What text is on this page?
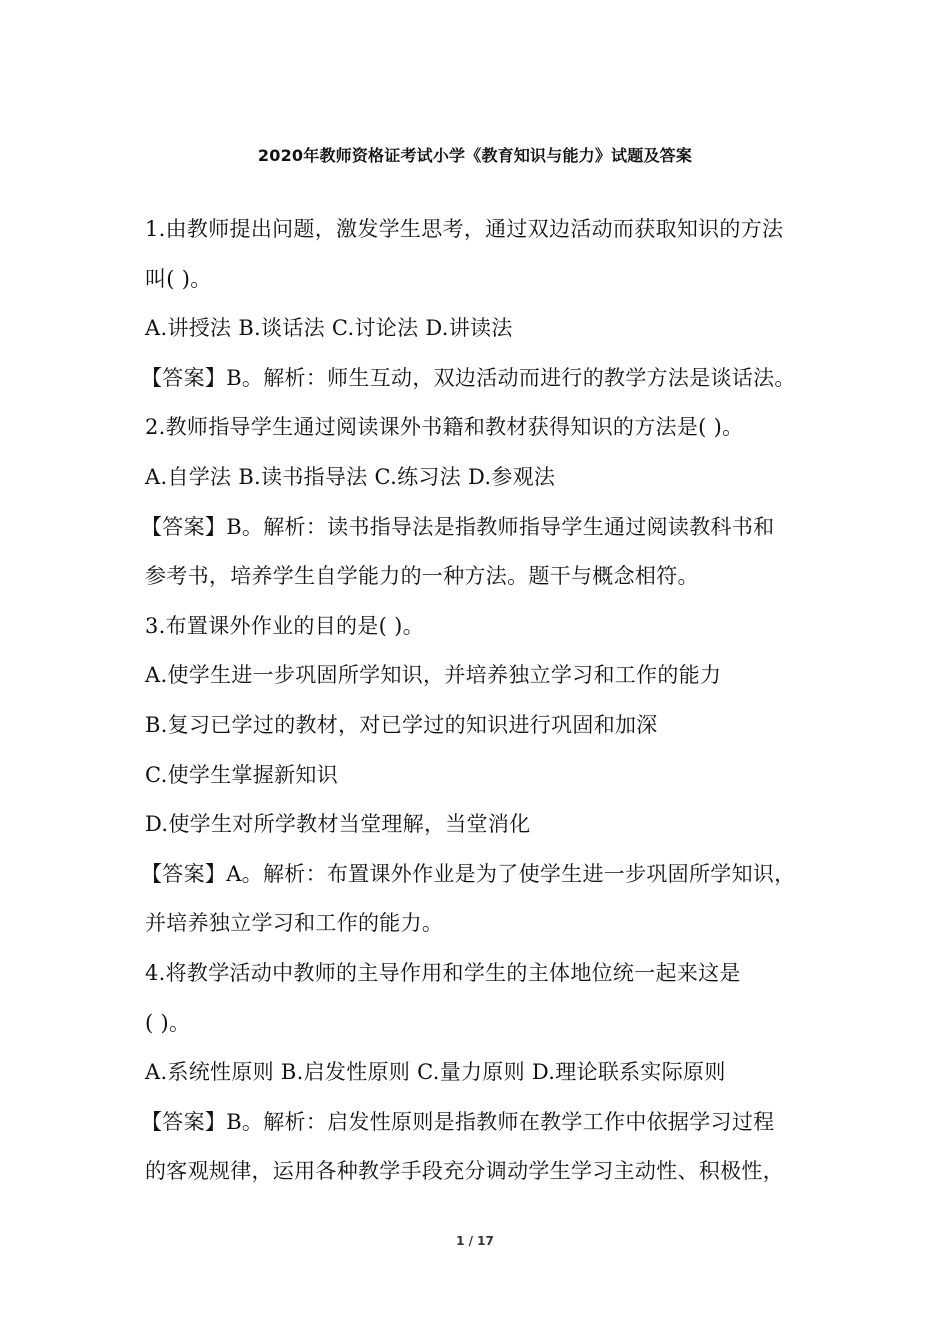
2020年教师资格证考试小学《教育知识与能力》试题及答案

1.由教师提出问题，激发学生思考，通过双边活动而获取知识的方法

叫( )。

A.讲授法 B.谈话法 C.讨论法 D.讲读法

【答案】B。解析：师生互动，双边活动而进行的教学方法是谈话法。

2.教师指导学生通过阅读课外书籍和教材获得知识的方法是( )。

A.自学法 B.读书指导法 C.练习法 D.参观法

【答案】B。解析：读书指导法是指教师指导学生通过阅读教科书和

参考书，培养学生自学能力的一种方法。题干与概念相符。

3.布置课外作业的目的是( )。

A.使学生进一步巩固所学知识，并培养独立学习和工作的能力

B.复习已学过的教材，对已学过的知识进行巩固和加深

C.使学生掌握新知识

D.使学生对所学教材当堂理解，当堂消化

【答案】A。解析：布置课外作业是为了使学生进一步巩固所学知识，

并培养独立学习和工作的能力。

4.将教学活动中教师的主导作用和学生的主体地位统一起来这是

( )。

A.系统性原则 B.启发性原则 C.量力原则 D.理论联系实际原则

【答案】B。解析：启发性原则是指教师在教学工作中依据学习过程

的客观规律，运用各种教学手段充分调动学生学习主动性、积极性，

1 / 17
